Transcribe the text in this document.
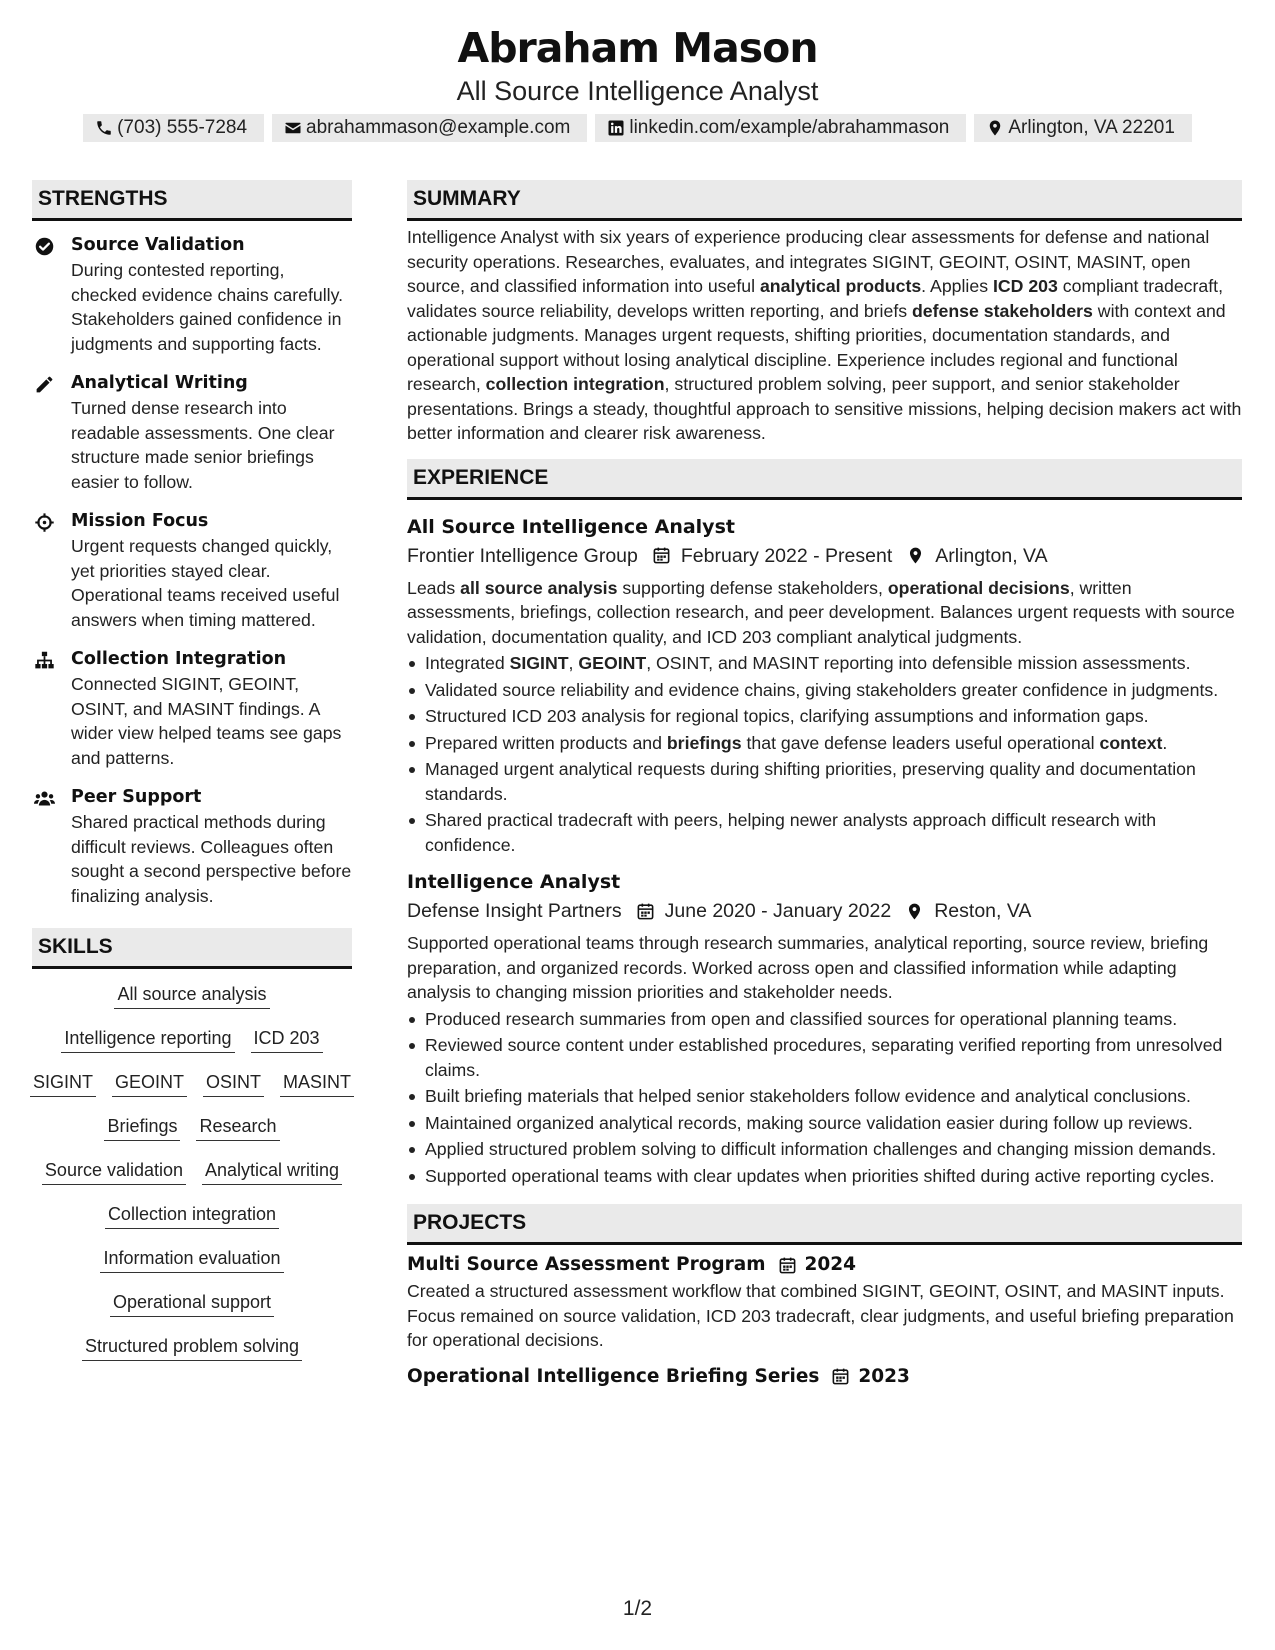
Abraham Mason
All Source Intelligence Analyst
(703) 555-7284	abrahammason@example.com	linkedin.com/example/abrahammason	Arlington, VA 22201
STRENGTHS
Source Validation
During contested reporting, checked evidence chains carefully. Stakeholders gained confidence in judgments and supporting facts.
Analytical Writing
Turned dense research into readable assessments. One clear structure made senior briefings easier to follow.
Mission Focus
Urgent requests changed quickly, yet priorities stayed clear. Operational teams received useful answers when timing mattered.
Collection Integration
Connected SIGINT, GEOINT, OSINT, and MASINT findings. A wider view helped teams see gaps and patterns.
Peer Support
Shared practical methods during difficult reviews. Colleagues often sought a second perspective before finalizing analysis.
SKILLS
All source analysis
Intelligence reporting ICD 203
SIGINT GEOINT OSINT MASINT
Briefings Research
Source validation Analytical writing
Collection integration
Information evaluation
Operational support
Structured problem solving
SUMMARY

Intelligence Analyst with six years of experience producing clear assessments for defense and national security operations. Researches, evaluates, and integrates SIGINT, GEOINT, OSINT, MASINT, open source, and classified information into useful analytical products. Applies ICD 203 compliant tradecraft, validates source reliability, develops written reporting, and briefs defense stakeholders with context and actionable judgments. Manages urgent requests, shifting priorities, documentation standards, and operational support without losing analytical discipline. Experience includes regional and functional research, collection integration, structured problem solving, peer support, and senior stakeholder presentations. Brings a steady, thoughtful approach to sensitive missions, helping decision makers act with better information and clearer risk awareness.

EXPERIENCE
All Source Intelligence Analyst
Frontier Intelligence Group February 2022 - Present Arlington, VA

Leads all source analysis supporting defense stakeholders, operational decisions, written assessments, briefings, collection research, and peer development. Balances urgent requests with source validation, documentation quality, and ICD 203 compliant analytical judgments.

Integrated SIGINT, GEOINT, OSINT, and MASINT reporting into defensible mission assessments.
Validated source reliability and evidence chains, giving stakeholders greater confidence in judgments.
Structured ICD 203 analysis for regional topics, clarifying assumptions and information gaps.
Prepared written products and briefings that gave defense leaders useful operational context.
Managed urgent analytical requests during shifting priorities, preserving quality and documentation standards.
Shared practical tradecraft with peers, helping newer analysts approach difficult research with confidence.
Intelligence Analyst
Defense Insight Partners June 2020 - January 2022 Reston, VA

Supported operational teams through research summaries, analytical reporting, source review, briefing preparation, and organized records. Worked across open and classified information while adapting analysis to changing mission priorities and stakeholder needs.

Produced research summaries from open and classified sources for operational planning teams.
Reviewed source content under established procedures, separating verified reporting from unresolved claims.
Built briefing materials that helped senior stakeholders follow evidence and analytical conclusions.
Maintained organized analytical records, making source validation easier during follow up reviews.
Applied structured problem solving to difficult information challenges and changing mission demands.
Supported operational teams with clear updates when priorities shifted during active reporting cycles.
PROJECTS
Multi Source Assessment Program 2024

Created a structured assessment workflow that combined SIGINT, GEOINT, OSINT, and MASINT inputs. Focus remained on source validation, ICD 203 tradecraft, clear judgments, and useful briefing preparation for operational decisions.

Operational Intelligence Briefing Series 2023
1/2
